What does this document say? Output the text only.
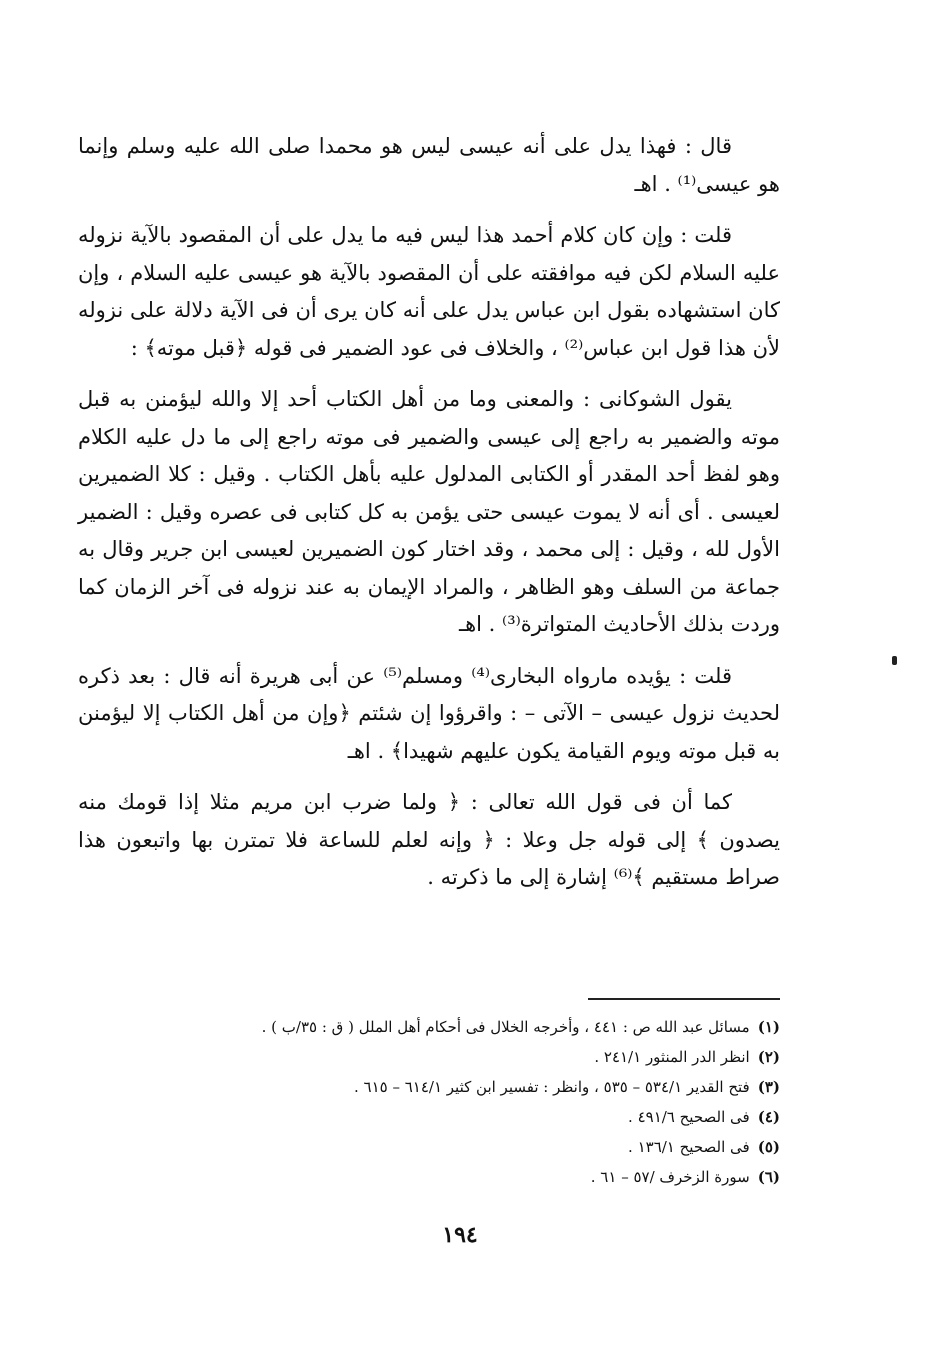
قال : فهذا يدل على أنه عيسى ليس هو محمدا صلى الله عليه وسلم وإنما هو عيسى⁽¹⁾ . اهـ

قلت : وإن كان كلام أحمد هذا ليس فيه ما يدل على أن المقصود بالآية نزوله عليه السلام لكن فيه موافقته على أن المقصود بالآية هو عيسى عليه السلام ، وإن كان استشهاده بقول ابن عباس يدل على أنه كان يرى أن فى الآية دلالة على نزوله لأن هذا قول ابن عباس⁽²⁾ ، والخلاف فى عود الضمير فى قوله ﴿قبل موته﴾ :

يقول الشوكانى : والمعنى وما من أهل الكتاب أحد إلا والله ليؤمنن به قبل موته والضمير به راجع إلى عيسى والضمير فى موته راجع إلى ما دل عليه الكلام وهو لفظ أحد المقدر أو الكتابى المدلول عليه بأهل الكتاب . وقيل : كلا الضميرين لعيسى . أى أنه لا يموت عيسى حتى يؤمن به كل كتابى فى عصره وقيل : الضمير الأول لله ، وقيل : إلى محمد ، وقد اختار كون الضميرين لعيسى ابن جرير وقال به جماعة من السلف وهو الظاهر ، والمراد الإيمان به عند نزوله فى آخر الزمان كما وردت بذلك الأحاديث المتواترة⁽³⁾ . اهـ

قلت : يؤيده مارواه البخارى⁽⁴⁾ ومسلم⁽⁵⁾ عن أبى هريرة أنه قال : بعد ذكره لحديث نزول عيسى – الآتى – : واقرؤوا إن شئتم ﴿وإن من أهل الكتاب إلا ليؤمنن به قبل موته ويوم القيامة يكون عليهم شهيدا﴾ . اهـ

كما أن فى قول الله تعالى : ﴿ ولما ضرب ابن مريم مثلا إذا قومك منه يصدون ﴾ إلى قوله جل وعلا : ﴿ وإنه لعلم للساعة فلا تمترن بها واتبعون هذا صراط مستقيم ﴾⁽⁶⁾ إشارة إلى ما ذكرته .

(١)مسائل عبد الله ص : ٤٤١ ، وأخرجه الخلال فى أحكام أهل الملل ( ق : ٣٥/ب ) .

(٢)انظر الدر المنثور ٢٤١/١ .

(٣)فتح القدير ٥٣٤/١ – ٥٣٥ ، وانظر : تفسير ابن كثير ٦١٤/١ – ٦١٥ .

(٤)فى الصحيح ٤٩١/٦ .

(٥)فى الصحيح ١٣٦/١ .

(٦)سورة الزخرف /٥٧ – ٦١ .

١٩٤
